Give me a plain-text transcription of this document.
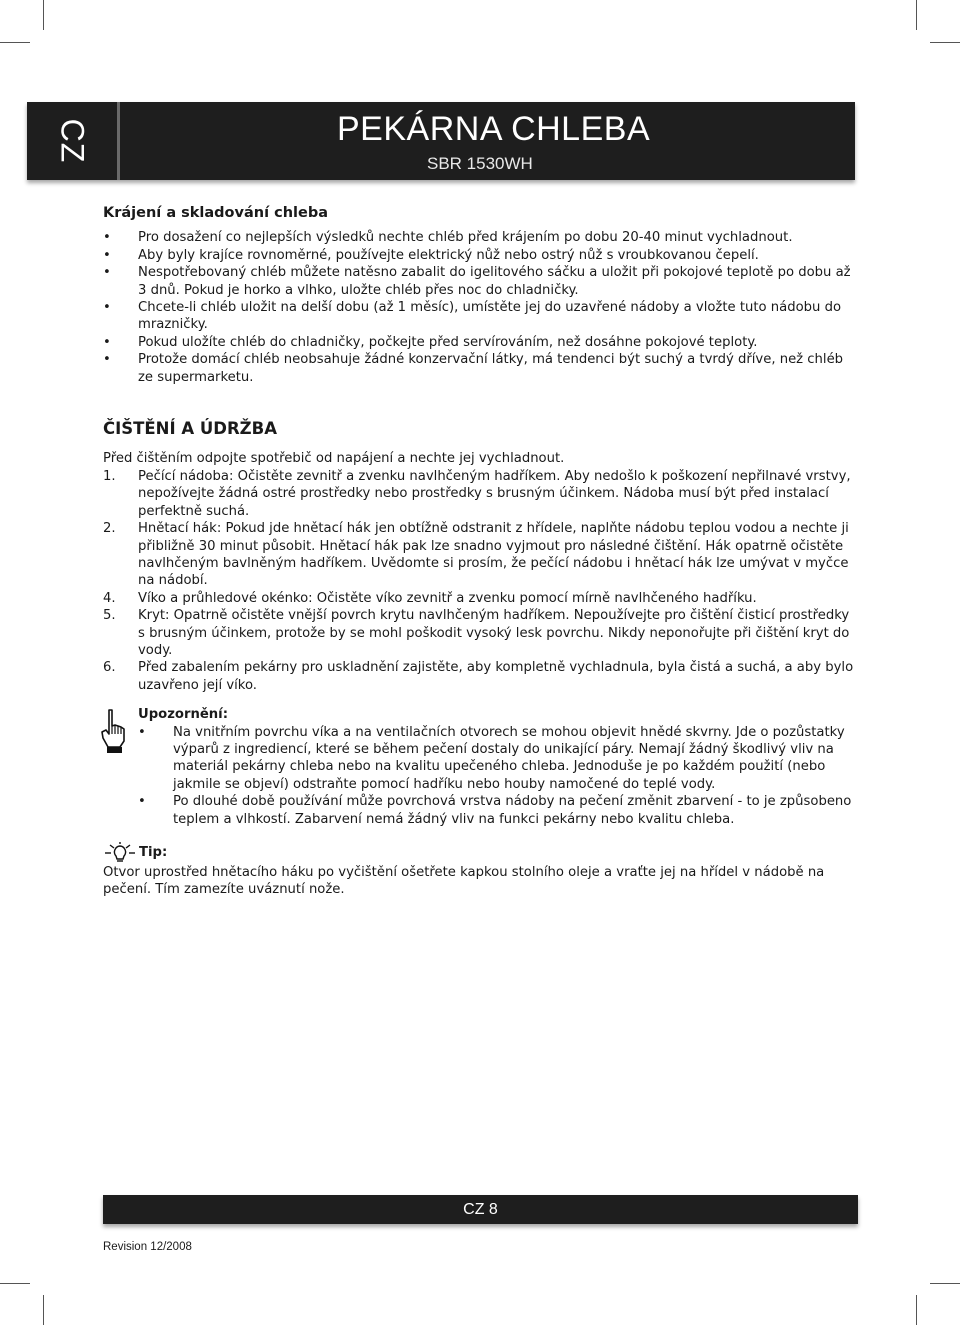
CZ	PEKÁRNA CHLEBA
SBR 1530WH
Krájení a skladování chleba
• Pro dosažení co nejlepších výsledků nechte chléb před krájením po dobu 20-40 minut vychladnout.
• Aby byly krajíce rovnoměrné, používejte elektrický nůž nebo ostrý nůž s vroubkovanou čepelí.
• Nespotřebovaný chléb můžete natěsno zabalit do igelitového sáčku a uložit při pokojové teplotě po dobu až 3 dnů. Pokud je horko a vlhko, uložte chléb přes noc do chladničky.
• Chcete-li chléb uložit na delší dobu (až 1 měsíc), umístěte jej do uzavřené nádoby a vložte tuto nádobu do mrazničky.
• Pokud uložíte chléb do chladničky, počkejte před servírováním, než dosáhne pokojové teploty.
• Protože domácí chléb neobsahuje žádné konzervační látky, má tendenci být suchý a tvrdý dříve, než chléb ze supermarketu.
ČIŠTĚNÍ A ÚDRŽBA

Před čištěním odpojte spotřebič od napájení a nechte jej vychladnout.

1. Pečící nádoba: Očistěte zevnitř a zvenku navlhčeným hadříkem. Aby nedošlo k poškození nepřilnavé vrstvy, nepožívejte žádná ostré prostředky nebo prostředky s brusným účinkem. Nádoba musí být před instalací perfektně suchá.
2. Hnětací hák: Pokud jde hnětací hák jen obtížně odstranit z hřídele, naplňte nádobu teplou vodou a nechte ji přibližně 30 minut působit. Hnětací hák pak lze snadno vyjmout pro následné čištění. Hák opatrně očistěte navlhčeným bavlněným hadříkem. Uvědomte si prosím, že pečící nádobu i hnětací hák lze umývat v myčce na nádobí.
4. Víko a průhledové okénko: Očistěte víko zevnitř a zvenku pomocí mírně navlhčeného hadříku.
5. Kryt: Opatrně očistěte vnější povrch krytu navlhčeným hadříkem. Nepoužívejte pro čištění čisticí prostředky s brusným účinkem, protože by se mohl poškodit vysoký lesk povrchu. Nikdy neponořujte při čištění kryt do vody.
6. Před zabalením pekárny pro uskladnění zajistěte, aby kompletně vychladnula, byla čistá a suchá, a aby bylo uzavřeno její víko.
Upozornění:
• Na vnitřním povrchu víka a na ventilačních otvorech se mohou objevit hnědé skvrny. Jde o pozůstatky výparů z ingrediencí, které se během pečení dostaly do unikající páry. Nemají žádný škodlivý vliv na materiál pekárny chleba nebo na kvalitu upečeného chleba. Jednoduše je po každém použití (nebo jakmile se objeví) odstraňte pomocí hadříku nebo houby namočené do teplé vody.
• Po dlouhé době používání může povrchová vrstva nádoby na pečení změnit zbarvení - to je způsobeno teplem a vlhkostí. Zabarvení nemá žádný vliv na funkci pekárny nebo kvalitu chleba.
Tip:

Otvor uprostřed hnětacího háku po vyčištění ošetřete kapkou stolního oleje a vraťte jej na hřídel v nádobě na pečení. Tím zamezíte uváznutí nože.

CZ 8
Revision 12/2008
